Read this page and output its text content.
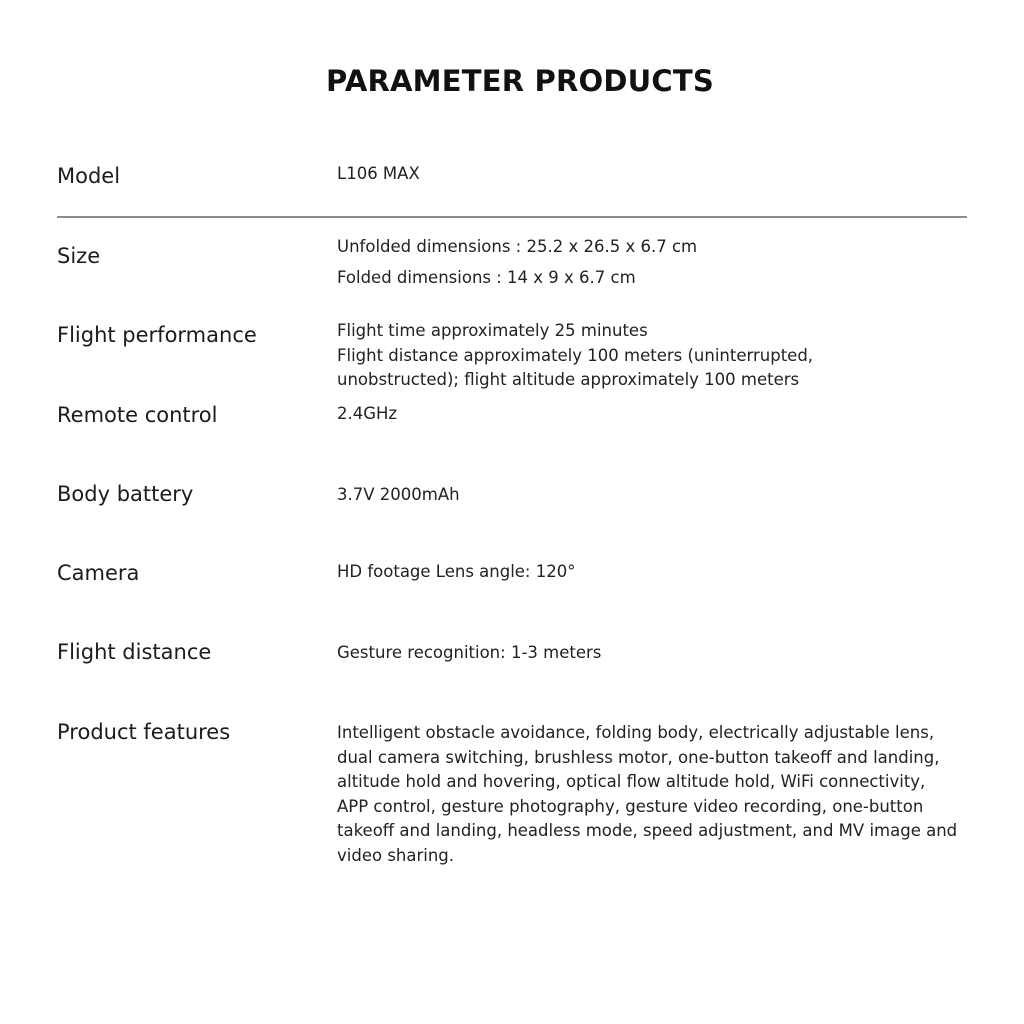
PARAMETER PRODUCTS
Model	L106 MAX
Size	Unfolded dimensions : 25.2 x 26.5 x 6.7 cm
Folded dimensions : 14 x 9 x 6.7 cm
Flight performance	Flight time approximately 25 minutes
Flight distance approximately 100 meters (uninterrupted,
unobstructed); flight altitude approximately 100 meters
Remote control	2.4GHz
Body battery	3.7V 2000mAh
Camera	HD footage Lens angle: 120°
Flight distance	Gesture recognition: 1-3 meters
Product features	Intelligent obstacle avoidance, folding body, electrically adjustable lens,
dual camera switching, brushless motor, one-button takeoff and landing,
altitude hold and hovering, optical flow altitude hold, WiFi connectivity,
APP control, gesture photography, gesture video recording, one-button
takeoff and landing, headless mode, speed adjustment, and MV image and
video sharing.
